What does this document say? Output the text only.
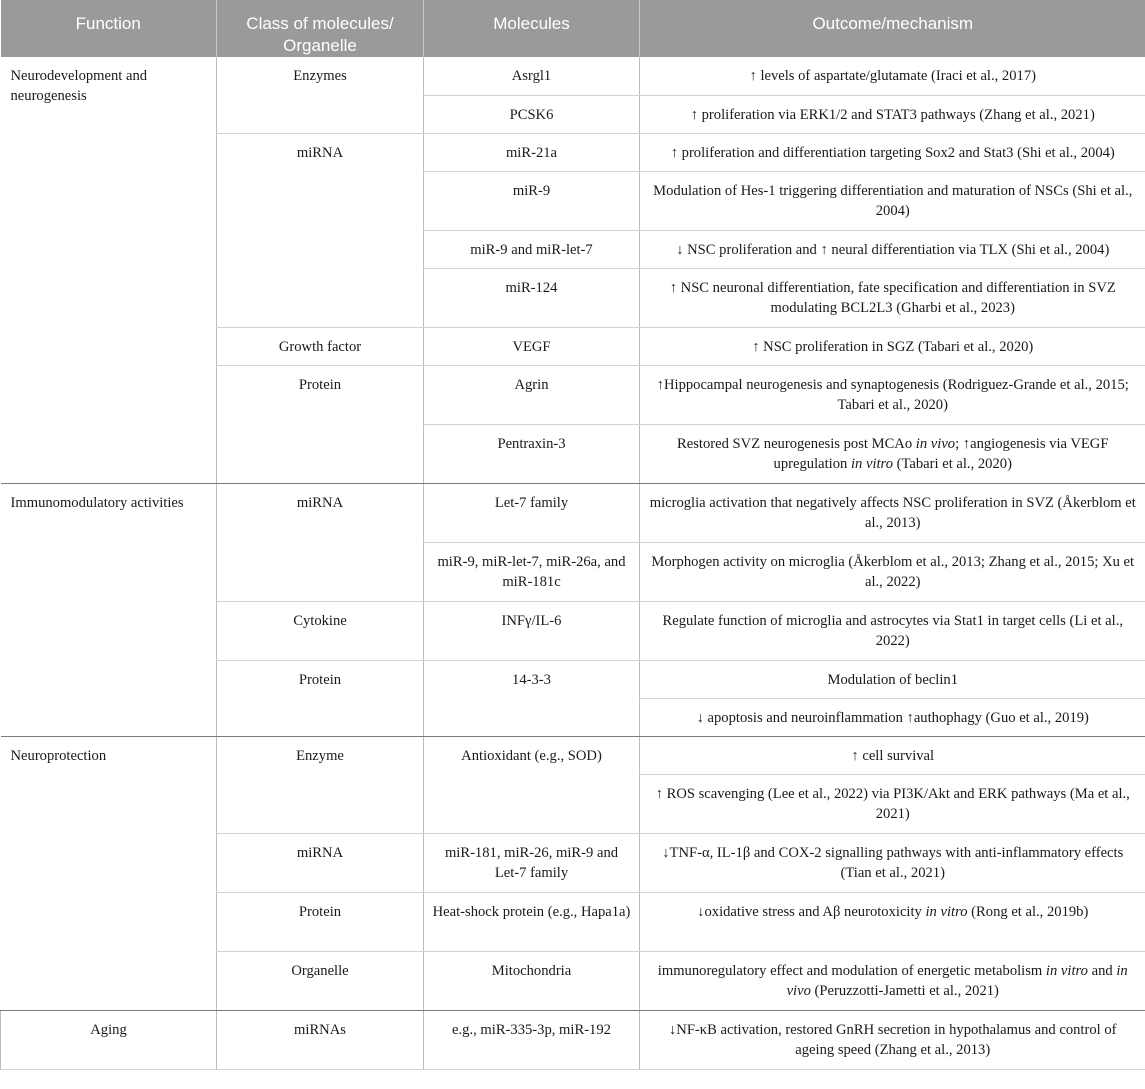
Function	Class of molecules/ Organelle	Molecules	Outcome/mechanism
Neurodevelopment and neurogenesis	Enzymes	Asrgl1	↑ levels of aspartate/glutamate (Iraci et al., 2017)
		PCSK6	↑ proliferation via ERK1/2 and STAT3 pathways (Zhang et al., 2021)
	miRNA	miR-21a	↑ proliferation and differentiation targeting Sox2 and Stat3 (Shi et al., 2004)
		miR-9	Modulation of Hes-1 triggering differentiation and maturation of NSCs (Shi et al., 2004)
		miR-9 and miR-let-7	↓ NSC proliferation and ↑ neural differentiation via TLX (Shi et al., 2004)
		miR-124	↑ NSC neuronal differentiation, fate specification and differentiation in SVZ modulating BCL2L3 (Gharbi et al., 2023)
	Growth factor	VEGF	↑ NSC proliferation in SGZ (Tabari et al., 2020)
	Protein	Agrin	↑Hippocampal neurogenesis and synaptogenesis (Rodriguez-Grande et al., 2015; Tabari et al., 2020)
		Pentraxin-3	Restored SVZ neurogenesis post MCAo in vivo; ↑angiogenesis via VEGF upregulation in vitro (Tabari et al., 2020)
Immunomodulatory activities	miRNA	Let-7 family	microglia activation that negatively affects NSC proliferation in SVZ (Åkerblom et al., 2013)
		miR-9, miR-let-7, miR-26a, and miR-181c	Morphogen activity on microglia (Åkerblom et al., 2013; Zhang et al., 2015; Xu et al., 2022)
	Cytokine	INFγ/IL-6	Regulate function of microglia and astrocytes via Stat1 in target cells (Li et al., 2022)
	Protein	14-3-3	Modulation of beclin1
			↓ apoptosis and neuroinflammation ↑authophagy (Guo et al., 2019)
Neuroprotection	Enzyme	Antioxidant (e.g., SOD)	↑ cell survival
			↑ ROS scavenging (Lee et al., 2022) via PI3K/Akt and ERK pathways (Ma et al., 2021)
	miRNA	miR-181, miR-26, miR-9 and Let-7 family	↓TNF-α, IL-1β and COX-2 signalling pathways with anti-inflammatory effects (Tian et al., 2021)
	Protein	Heat-shock protein (e.g., Hapa1a)	↓oxidative stress and Aβ neurotoxicity in vitro (Rong et al., 2019b)
	Organelle	Mitochondria	immunoregulatory effect and modulation of energetic metabolism in vitro and in vivo (Peruzzotti-Jametti et al., 2021)
Aging	miRNAs	e.g., miR-335-3p, miR-192	↓NF-κB activation, restored GnRH secretion in hypothalamus and control of ageing speed (Zhang et al., 2013)
